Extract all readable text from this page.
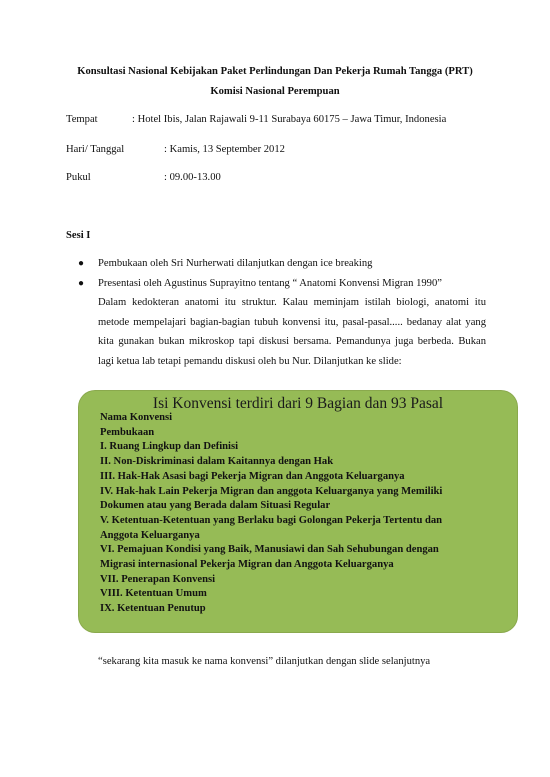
Konsultasi Nasional Kebijakan Paket Perlindungan Dan Pekerja Rumah Tangga (PRT)
Komisi Nasional Perempuan
Tempat	: Hotel Ibis, Jalan Rajawali 9-11 Surabaya 60175 – Jawa Timur, Indonesia
Hari/ Tanggal	: Kamis, 13 September 2012
Pukul	: 09.00-13.00
Sesi I
● Pembukaan oleh Sri Nurherwati dilanjutkan dengan ice breaking
● Presentasi oleh Agustinus Suprayitno tentang “ Anatomi Konvensi Migran 1990”

Dalam kedokteran anatomi itu struktur. Kalau meminjam istilah biologi, anatomi itu metode mempelajari bagian-bagian tubuh konvensi itu, pasal-pasal..... bedanay alat yang kita gunakan bukan mikroskop tapi diskusi bersama. Pemandunya juga berbeda. Bukan lagi ketua lab tetapi pemandu diskusi oleh bu Nur. Dilanjutkan ke slide:

Isi Konvensi terdiri dari 9 Bagian dan 93 Pasal
Nama Konvensi
Pembukaan
I. Ruang Lingkup dan Definisi
II. Non-Diskriminasi dalam Kaitannya dengan Hak
III. Hak-Hak Asasi bagi Pekerja Migran dan Anggota Keluarganya
IV. Hak-hak Lain Pekerja Migran dan anggota Keluarganya yang Memiliki
Dokumen atau yang Berada dalam Situasi Regular
V. Ketentuan-Ketentuan yang Berlaku bagi Golongan Pekerja Tertentu dan
Anggota Keluarganya
VI. Pemajuan Kondisi yang Baik, Manusiawi dan Sah Sehubungan dengan
Migrasi internasional Pekerja Migran dan Anggota Keluarganya
VII. Penerapan Konvensi
VIII. Ketentuan Umum
IX. Ketentuan Penutup
“sekarang kita masuk ke nama konvensi” dilanjutkan dengan slide selanjutnya
